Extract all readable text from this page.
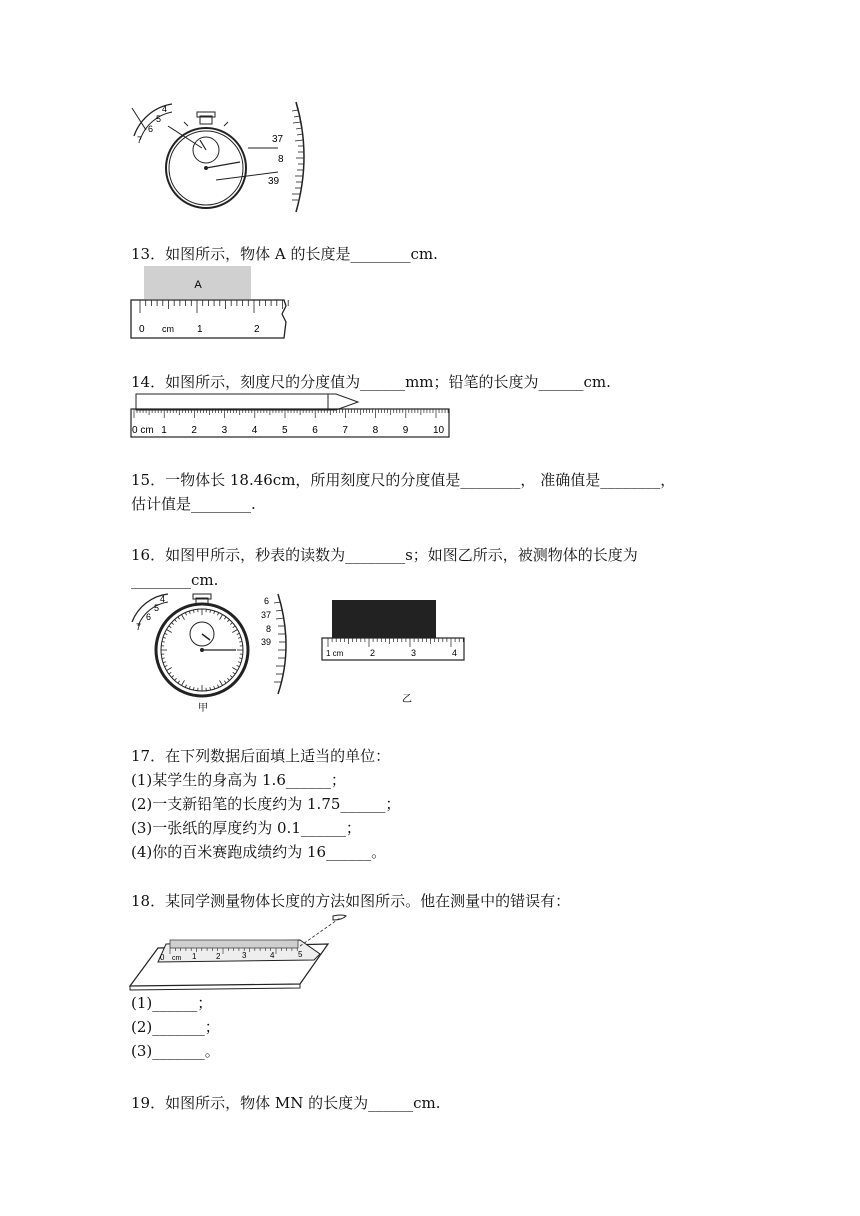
4
5
6
7	37
8
39
13．如图所示，物体 A 的长度是________cm.
A
0 cm 1	2
14．如图所示，刻度尺的分度值为______mm；铅笔的长度为______cm.
0 cm 1 2 3 4 5 6 7 8 9 10
15．一物体长 18.46cm，所用刻度尺的分度值是________， 准确值是________，
估计值是________.
16．如图甲所示，秒表的读数为________s；如图乙所示，被测物体的长度为
________cm.
4
5
6
7
6
37
8
39
甲
1 cm	2	3	4
乙
17．在下列数据后面填上适当的单位：
(1)某学生的身高为 1.6______；
(2)一支新铅笔的长度约为 1.75______；
(3)一张纸的厚度约为 0.1______；
(4)你的百米赛跑成绩约为 16______。
18．某同学测量物体长度的方法如图所示。他在测量中的错误有：
0 cm 1 2	3	4	5
(1)______；
(2)_______；
(3)_______。
19．如图所示，物体 MN 的长度为______cm.
